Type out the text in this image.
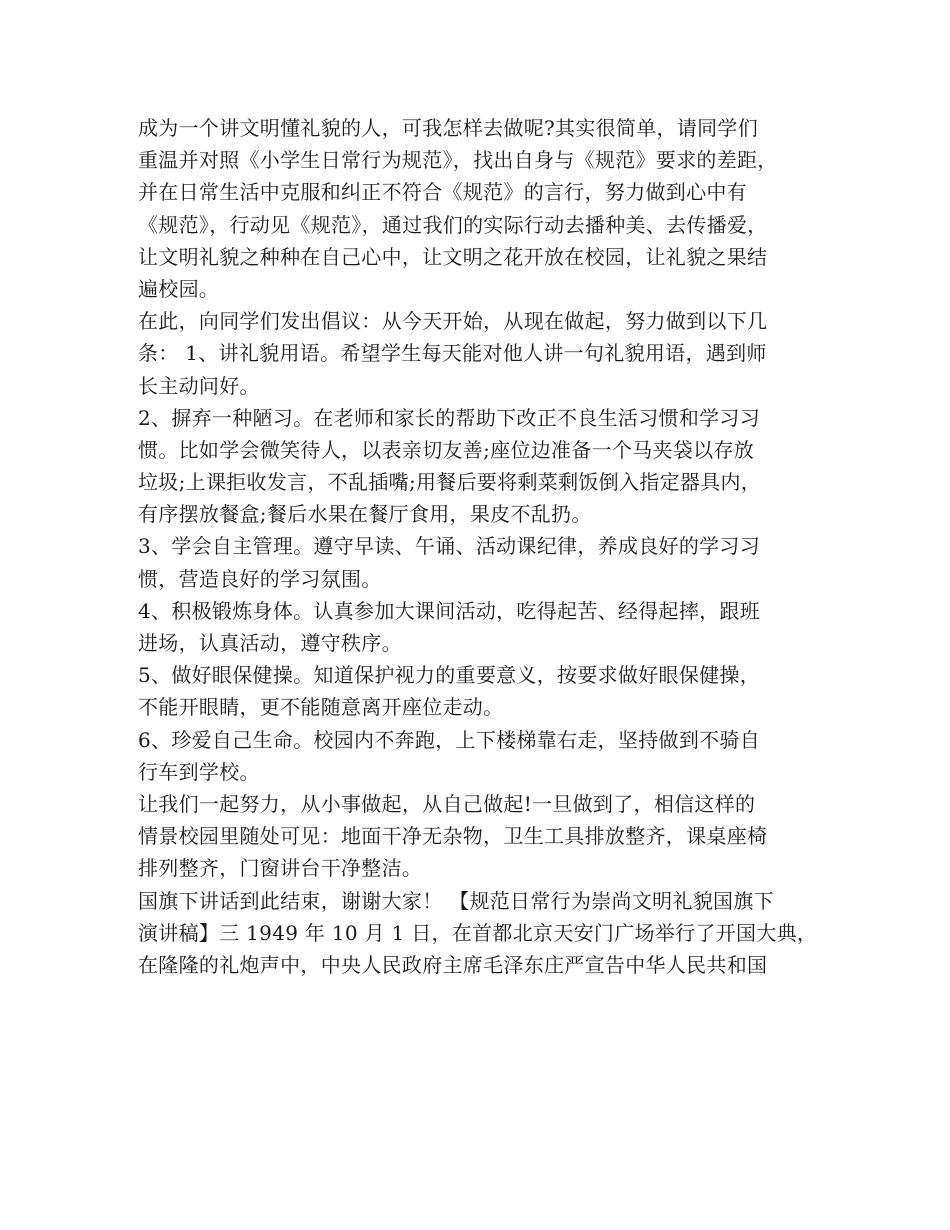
成为一个讲文明懂礼貌的人，可我怎样去做呢?其实很简单，请同学们
重温并对照《小学生日常行为规范》，找出自身与《规范》要求的差距，
并在日常生活中克服和纠正不符合《规范》的言行，努力做到心中有
《规范》，行动见《规范》，通过我们的实际行动去播种美、去传播爱，
让文明礼貌之种种在自己心中，让文明之花开放在校园，让礼貌之果结
遍校园。
在此，向同学们发出倡议：从今天开始，从现在做起，努力做到以下几
条： 1、讲礼貌用语。希望学生每天能对他人讲一句礼貌用语，遇到师
长主动问好。
2、摒弃一种陋习。在老师和家长的帮助下改正不良生活习惯和学习习
惯。比如学会微笑待人，以表亲切友善;座位边准备一个马夹袋以存放
垃圾;上课拒收发言，不乱插嘴;用餐后要将剩菜剩饭倒入指定器具内，
有序摆放餐盒;餐后水果在餐厅食用，果皮不乱扔。
3、学会自主管理。遵守早读、午诵、活动课纪律，养成良好的学习习
惯，营造良好的学习氛围。
4、积极锻炼身体。认真参加大课间活动，吃得起苦、经得起摔，跟班
进场，认真活动，遵守秩序。
5、做好眼保健操。知道保护视力的重要意义，按要求做好眼保健操，
不能开眼睛，更不能随意离开座位走动。
6、珍爱自己生命。校园内不奔跑，上下楼梯靠右走，坚持做到不骑自
行车到学校。
让我们一起努力，从小事做起，从自己做起!一旦做到了，相信这样的
情景校园里随处可见：地面干净无杂物，卫生工具排放整齐，课桌座椅
排列整齐，门窗讲台干净整洁。
国旗下讲话到此结束，谢谢大家！ 【规范日常行为崇尚文明礼貌国旗下
演讲稿】三 1949 年 10 月 1 日，在首都北京天安门广场举行了开国大典，
在隆隆的礼炮声中，中央人民政府主席毛泽东庄严宣告中华人民共和国
